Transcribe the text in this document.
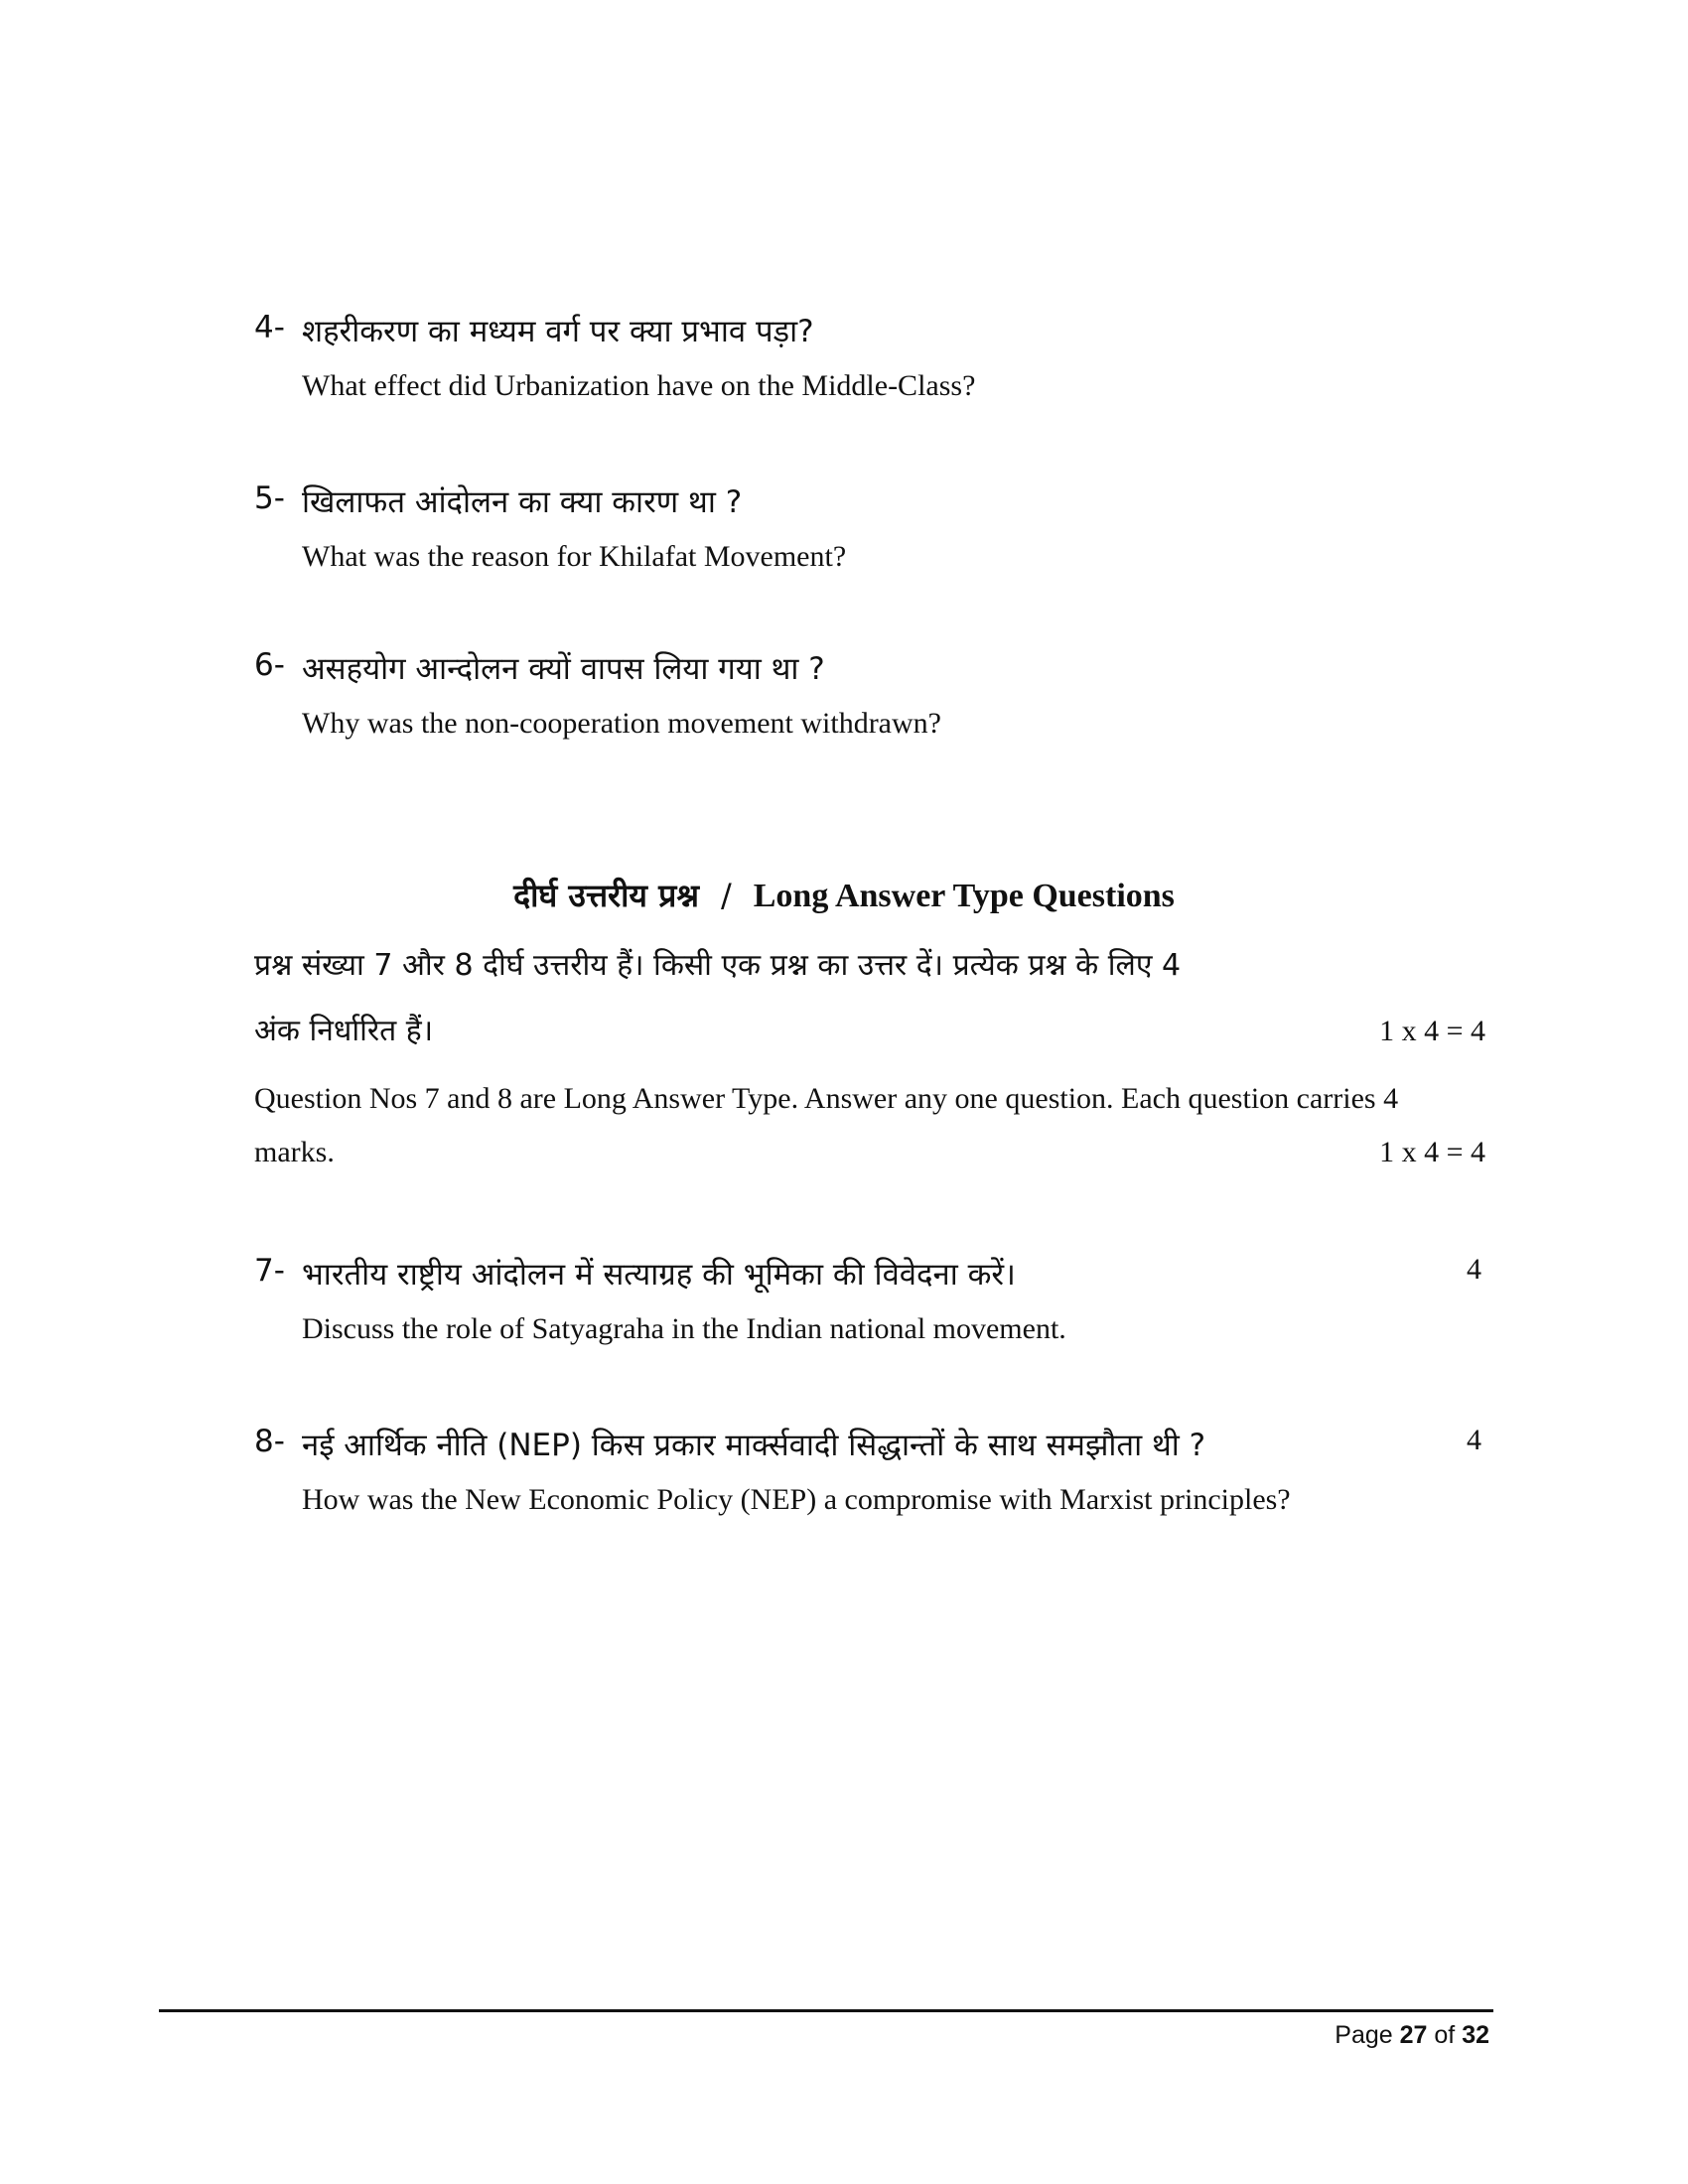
4- शहरीकरण का मध्यम वर्ग पर क्या प्रभाव पड़ा?
What effect did Urbanization have on the Middle-Class?
5- खिलाफत आंदोलन का क्या कारण था ?
What was the reason for Khilafat Movement?
6- असहयोग आन्दोलन क्यों वापस लिया गया था ?
Why was the non-cooperation movement withdrawn?
दीर्घ उत्तरीय प्रश्न / Long Answer Type Questions
प्रश्न संख्या 7 और 8 दीर्घ उत्तरीय हैं। किसी एक प्रश्न का उत्तर दें। प्रत्येक प्रश्न के लिए 4
अंक निर्धारित हैं।	1 x 4 = 4
Question Nos 7 and 8 are Long Answer Type. Answer any one question. Each question carries 4
marks.	1 x 4 = 4
7- भारतीय राष्ट्रीय आंदोलन में सत्याग्रह की भूमिका की विवेदना करें।	4
Discuss the role of Satyagraha in the Indian national movement.
8- नई आर्थिक नीति (NEP) किस प्रकार मार्क्सवादी सिद्धान्तों के साथ समझौता थी ?	4
How was the New Economic Policy (NEP) a compromise with Marxist principles?
Page 27 of 32
